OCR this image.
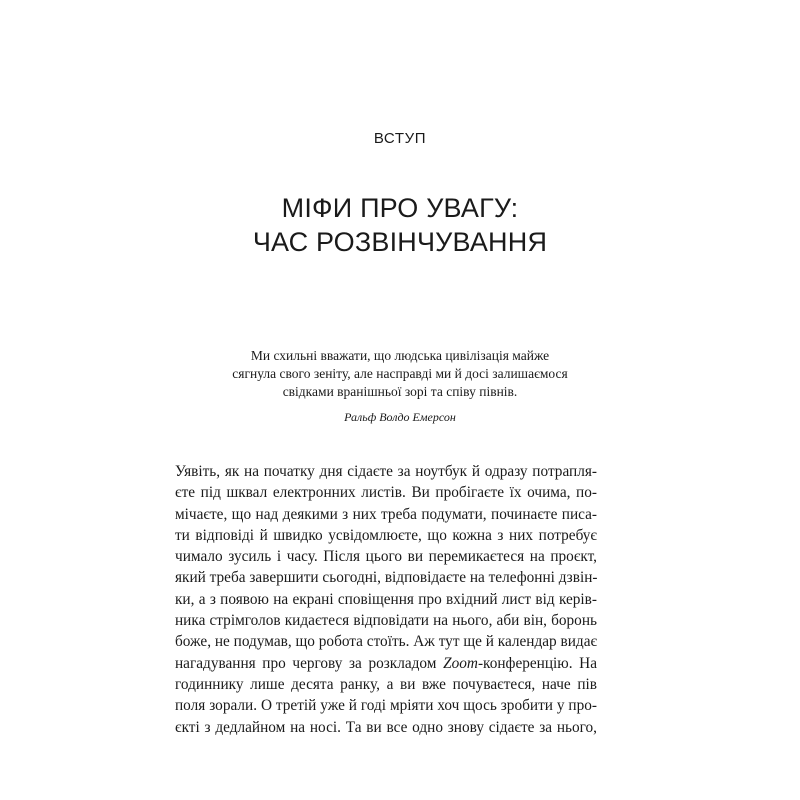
ВСТУП
МІФИ ПРО УВАГУ:
ЧАС РОЗВІНЧУВАННЯ
Ми схильні вважати, що людська цивілізація майже
сягнула свого зеніту, але насправді ми й досі залишаємося
свідками вранішньої зорі та співу півнів.
Ральф Волдо Емерсон
Уявіть, як на початку дня сідаєте за ноутбук й одразу потрапля-
єте під шквал електронних листів. Ви пробігаєте їх очима, по-
мічаєте, що над деякими з них треба подумати, починаєте писа-
ти відповіді й швидко усвідомлюєте, що кожна з них потребує
чимало зусиль і часу. Після цього ви перемикаєтеся на проєкт,
який треба завершити сьогодні, відповідаєте на телефонні дзвін-
ки, а з появою на екрані сповіщення про вхідний лист від керів-
ника стрімголов кидаєтеся відповідати на нього, аби він, боронь
боже, не подумав, що робота стоїть. Аж тут ще й календар видає
нагадування про чергову за розкладом Zoom-конференцію. На
годиннику лише десята ранку, а ви вже почуваєтеся, наче пів
поля зорали. О третій уже й годі мріяти хоч щось зробити у про-
єкті з дедлайном на носі. Та ви все одно знову сідаєте за нього,
